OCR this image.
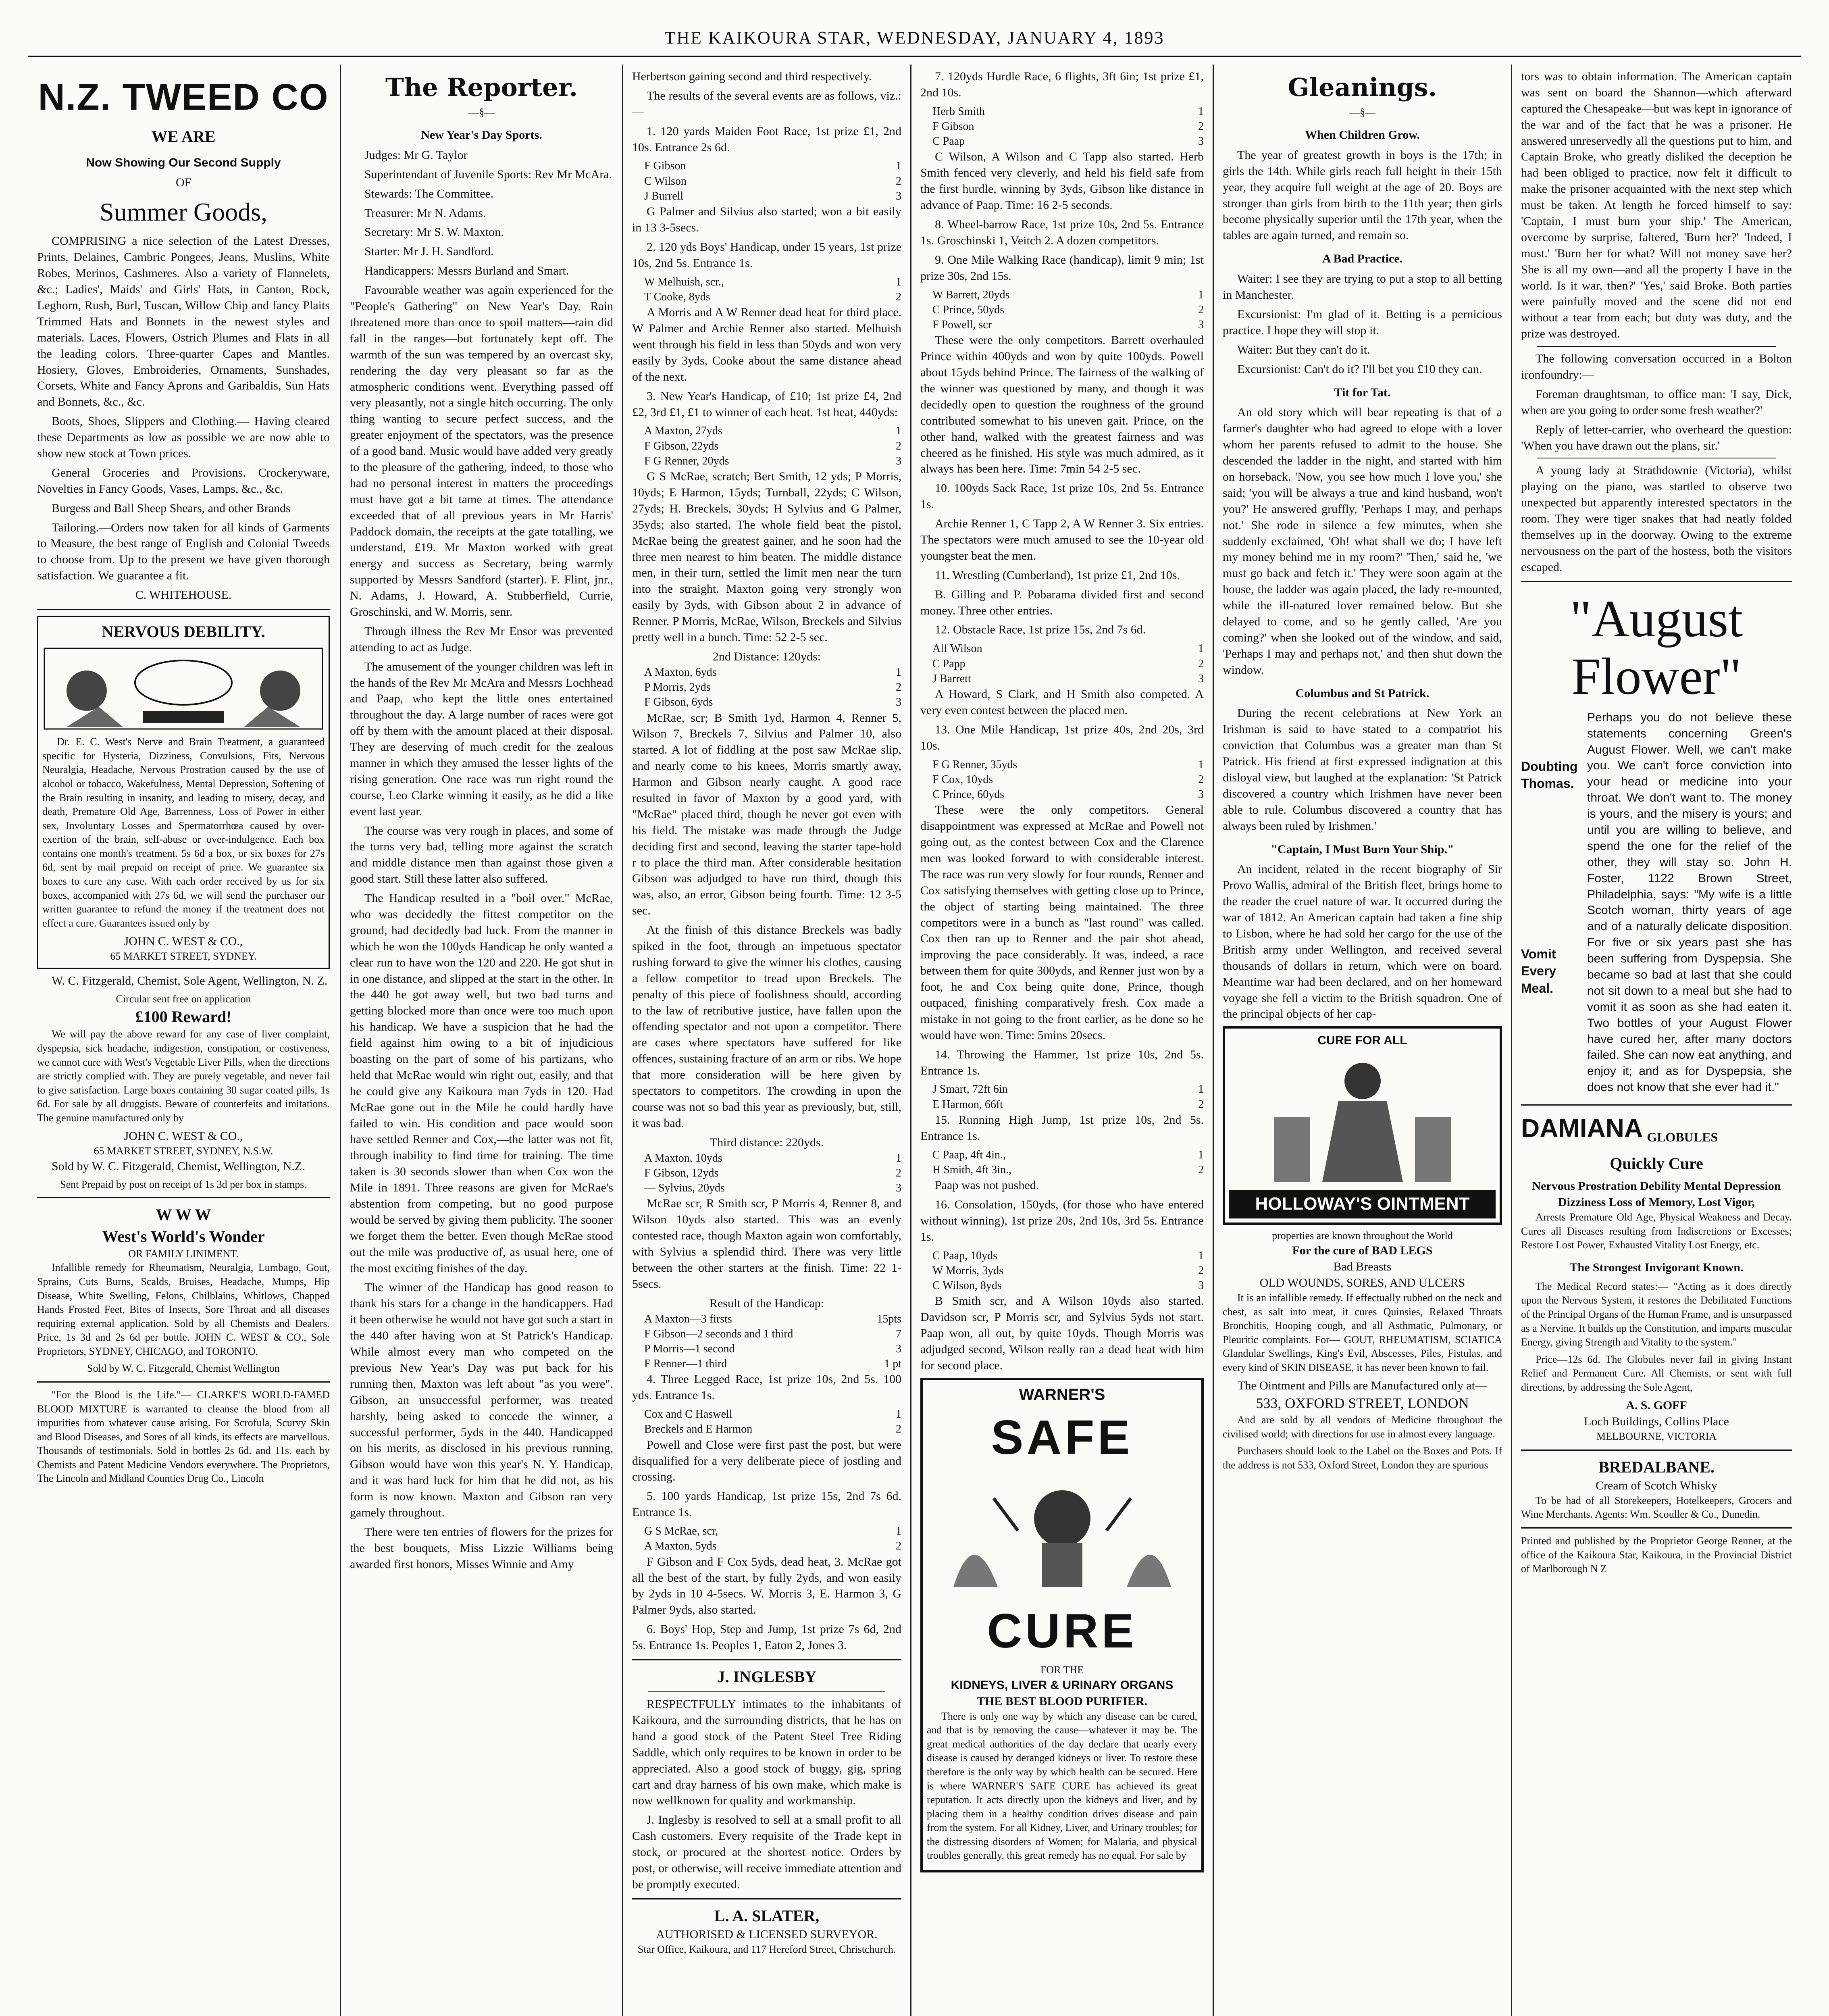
THE KAIKOURA STAR, WEDNESDAY, JANUARY 4, 1893
N.Z. TWEED CO
WE ARE
Now Showing Our Second Supply
OF
Summer Goods,

COMPRISING a nice selection of the Latest Dresses, Prints, Delaines, Cambric Pongees, Jeans, Muslins, White Robes, Merinos, Cashmeres. Also a variety of Flannelets, &c.; Ladies', Maids' and Girls' Hats, in Canton, Rock, Leghorn, Rush, Burl, Tuscan, Willow Chip and fancy Plaits Trimmed Hats and Bonnets in the newest styles and materials. Laces, Flowers, Ostrich Plumes and Flats in all the leading colors. Three-quarter Capes and Mantles. Hosiery, Gloves, Embroideries, Ornaments, Sunshades, Corsets, White and Fancy Aprons and Garibaldis, Sun Hats and Bonnets, &c., &c.

Boots, Shoes, Slippers and Clothing.— Having cleared these Departments as low as possible we are now able to show new stock at Town prices.

General Groceries and Provisions. Crockeryware, Novelties in Fancy Goods, Vases, Lamps, &c., &c.

Burgess and Ball Sheep Shears, and other Brands

Tailoring.—Orders now taken for all kinds of Garments to Measure, the best range of English and Colonial Tweeds to choose from. Up to the present we have given thorough satisfaction. We guarantee a fit.

C. WHITEHOUSE.
NERVOUS DEBILITY.

Dr. E. C. West's Nerve and Brain Treatment, a guaranteed specific for Hysteria, Dizziness, Convulsions, Fits, Nervous Neuralgia, Headache, Nervous Prostration caused by the use of alcohol or tobacco, Wakefulness, Mental Depression, Softening of the Brain resulting in insanity, and leading to misery, decay, and death, Premature Old Age, Barrenness, Loss of Power in either sex, Involuntary Losses and Spermatorrhœa caused by over-exertion of the brain, self-abuse or over-indulgence. Each box contains one month's treatment. 5s 6d a box, or six boxes for 27s 6d, sent by mail prepaid on receipt of price. We guarantee six boxes to cure any case. With each order received by us for six boxes, accompanied with 27s 6d, we will send the purchaser our written guarantee to refund the money if the treatment does not effect a cure. Guarantees issued only by

JOHN C. WEST & CO.,
65 MARKET STREET, SYDNEY.

W. C. Fitzgerald, Chemist, Sole Agent, Wellington, N. Z.

Circular sent free on application
£100 Reward!

We will pay the above reward for any case of liver complaint, dyspepsia, sick headache, indigestion, constipation, or costiveness, we cannot cure with West's Vegetable Liver Pills, when the directions are strictly complied with. They are purely vegetable, and never fail to give satisfaction. Large boxes containing 30 sugar coated pills, 1s 6d. For sale by all druggists. Beware of counterfeits and imitations. The genuine manufactured only by

JOHN C. WEST & CO.,
65 MARKET STREET, SYDNEY, N.S.W.

Sold by W. C. Fitzgerald, Chemist, Wellington, N.Z.

Sent Prepaid by post on receipt of 1s 3d per box in stamps.
W W W
West's World's Wonder
OR FAMILY LINIMENT.

Infallible remedy for Rheumatism, Neuralgia, Lumbago, Gout, Sprains, Cuts Burns, Scalds, Bruises, Headache, Mumps, Hip Disease, White Swelling, Felons, Chilblains, Whitlows, Chapped Hands Frosted Feet, Bites of Insects, Sore Throat and all diseases requiring external application. Sold by all Chemists and Dealers. Price, 1s 3d and 2s 6d per bottle. JOHN C. WEST & CO., Sole Proprietors, SYDNEY, CHICAGO, and TORONTO.

Sold by W. C. Fitzgerald, Chemist Wellington

"For the Blood is the Life."— CLARKE'S WORLD-FAMED BLOOD MIXTURE is warranted to cleanse the blood from all impurities from whatever cause arising. For Scrofula, Scurvy Skin and Blood Diseases, and Sores of all kinds, its effects are marvellous. Thousands of testimonials. Sold in bottles 2s 6d. and 11s. each by Chemists and Patent Medicine Vendors everywhere. The Proprietors, The Lincoln and Midland Counties Drug Co., Lincoln

The Reporter.
—§—
New Year's Day Sports.

Judges: Mr G. Taylor

Superintendant of Juvenile Sports: Rev Mr McAra.

Stewards: The Committee.

Treasurer: Mr N. Adams.

Secretary: Mr S. W. Maxton.

Starter: Mr J. H. Sandford.

Handicappers: Messrs Burland and Smart.

Favourable weather was again experienced for the "People's Gathering" on New Year's Day. Rain threatened more than once to spoil matters—rain did fall in the ranges—but fortunately kept off. The warmth of the sun was tempered by an overcast sky, rendering the day very pleasant so far as the atmospheric conditions went. Everything passed off very pleasantly, not a single hitch occurring. The only thing wanting to secure perfect success, and the greater enjoyment of the spectators, was the presence of a good band. Music would have added very greatly to the pleasure of the gathering, indeed, to those who had no personal interest in matters the proceedings must have got a bit tame at times. The attendance exceeded that of all previous years in Mr Harris' Paddock domain, the receipts at the gate totalling, we understand, £19. Mr Maxton worked with great energy and success as Secretary, being warmly supported by Messrs Sandford (starter). F. Flint, jnr., N. Adams, J. Howard, A. Stubberfield, Currie, Groschinski, and W. Morris, senr.

Through illness the Rev Mr Ensor was prevented attending to act as Judge.

The amusement of the younger children was left in the hands of the Rev Mr McAra and Messrs Lochhead and Paap, who kept the little ones entertained throughout the day. A large number of races were got off by them with the amount placed at their disposal. They are deserving of much credit for the zealous manner in which they amused the lesser lights of the rising generation. One race was run right round the course, Leo Clarke winning it easily, as he did a like event last year.

The course was very rough in places, and some of the turns very bad, telling more against the scratch and middle distance men than against those given a good start. Still these latter also suffered.

The Handicap resulted in a "boil over." McRae, who was decidedly the fittest competitor on the ground, had decidedly bad luck. From the manner in which he won the 100yds Handicap he only wanted a clear run to have won the 120 and 220. He got shut in in one distance, and slipped at the start in the other. In the 440 he got away well, but two bad turns and getting blocked more than once were too much upon his handicap. We have a suspicion that he had the field against him owing to a bit of injudicious boasting on the part of some of his partizans, who held that McRae would win right out, easily, and that he could give any Kaikoura man 7yds in 120. Had McRae gone out in the Mile he could hardly have failed to win. His condition and pace would soon have settled Renner and Cox,—the latter was not fit, through inability to find time for training. The time taken is 30 seconds slower than when Cox won the Mile in 1891. Three reasons are given for McRae's abstention from competing, but no good purpose would be served by giving them publicity. The sooner we forget them the better. Even though McRae stood out the mile was productive of, as usual here, one of the most exciting finishes of the day.

The winner of the Handicap has good reason to thank his stars for a change in the handicappers. Had it been otherwise he would not have got such a start in the 440 after having won at St Patrick's Handicap. While almost every man who competed on the previous New Year's Day was put back for his running then, Maxton was left about "as you were". Gibson, an unsuccessful performer, was treated harshly, being asked to concede the winner, a successful performer, 5yds in the 440. Handicapped on his merits, as disclosed in his previous running, Gibson would have won this year's N. Y. Handicap, and it was hard luck for him that he did not, as his form is now known. Maxton and Gibson ran very gamely throughout.

There were ten entries of flowers for the prizes for the best bouquets, Miss Lizzie Williams being awarded first honors, Misses Winnie and Amy

Herbertson gaining second and third respectively.

The results of the several events are as follows, viz.:—

1. 120 yards Maiden Foot Race, 1st prize £1, 2nd 10s. Entrance 2s 6d.

F Gibson	1
C Wilson	2
J Burrell	3

G Palmer and Silvius also started; won a bit easily in 13 3-5secs.

2. 120 yds Boys' Handicap, under 15 years, 1st prize 10s, 2nd 5s. Entrance 1s.

W Melhuish, scr.,	1
T Cooke, 8yds	2

A Morris and A W Renner dead heat for third place. W Palmer and Archie Renner also started. Melhuish went through his field in less than 50yds and won very easily by 3yds, Cooke about the same distance ahead of the next.

3. New Year's Handicap, of £10; 1st prize £4, 2nd £2, 3rd £1, £1 to winner of each heat. 1st heat, 440yds:

A Maxton, 27yds	1
F Gibson, 22yds	2
F G Renner, 20yds	3

G S McRae, scratch; Bert Smith, 12 yds; P Morris, 10yds; E Harmon, 15yds; Turnball, 22yds; C Wilson, 27yds; H. Breckels, 30yds; H Sylvius and G Palmer, 35yds; also started. The whole field beat the pistol, McRae being the greatest gainer, and he soon had the three men nearest to him beaten. The middle distance men, in their turn, settled the limit men near the turn into the straight. Maxton going very strongly won easily by 3yds, with Gibson about 2 in advance of Renner. P Morris, McRae, Wilson, Breckels and Silvius pretty well in a bunch. Time: 52 2-5 sec.

2nd Distance: 120yds:
A Maxton, 6yds	1
P Morris, 2yds	2
F Gibson, 6yds	3

McRae, scr; B Smith 1yd, Harmon 4, Renner 5, Wilson 7, Breckels 7, Silvius and Palmer 10, also started. A lot of fiddling at the post saw McRae slip, and nearly come to his knees, Morris smartly away, Harmon and Gibson nearly caught. A good race resulted in favor of Maxton by a good yard, with "McRae" placed third, though he never got even with his field. The mistake was made through the Judge deciding first and second, leaving the starter tape-hold r to place the third man. After considerable hesitation Gibson was adjudged to have run third, though this was, also, an error, Gibson being fourth. Time: 12 3-5 sec.

At the finish of this distance Breckels was badly spiked in the foot, through an impetuous spectator rushing forward to give the winner his clothes, causing a fellow competitor to tread upon Breckels. The penalty of this piece of foolishness should, according to the law of retributive justice, have fallen upon the offending spectator and not upon a competitor. There are cases where spectators have suffered for like offences, sustaining fracture of an arm or ribs. We hope that more consideration will be here given by spectators to competitors. The crowding in upon the course was not so bad this year as previously, but, still, it was bad.

Third distance: 220yds.
A Maxton, 10yds	1
F Gibson, 12yds	2
— Sylvius, 20yds	3

McRae scr, R Smith scr, P Morris 4, Renner 8, and Wilson 10yds also started. This was an evenly contested race, though Maxton again won comfortably, with Sylvius a splendid third. There was very little between the other starters at the finish. Time: 22 1-5secs.

Result of the Handicap:
A Maxton—3 firsts	15pts
F Gibson—2 seconds and 1 third	7
P Morris—1 second	3
F Renner—1 third	1 pt

4. Three Legged Race, 1st prize 10s, 2nd 5s. 100 yds. Entrance 1s.

Cox and C Haswell	1
Breckels and E Harmon	2

Powell and Close were first past the post, but were disqualified for a very deliberate piece of jostling and crossing.

5. 100 yards Handicap, 1st prize 15s, 2nd 7s 6d. Entrance 1s.

G S McRae, scr,	1
A Maxton, 5yds	2

F Gibson and F Cox 5yds, dead heat, 3. McRae got all the best of the start, by fully 2yds, and won easily by 2yds in 10 4-5secs. W. Morris 3, E. Harmon 3, G Palmer 9yds, also started.

6. Boys' Hop, Step and Jump, 1st prize 7s 6d, 2nd 5s. Entrance 1s. Peoples 1, Eaton 2, Jones 3.

J. INGLESBY

RESPECTFULLY intimates to the inhabitants of Kaikoura, and the surrounding districts, that he has on hand a good stock of the Patent Steel Tree Riding Saddle, which only requires to be known in order to be appreciated. Also a good stock of buggy, gig, spring cart and dray harness of his own make, which make is now wellknown for quality and workmanship.

J. Inglesby is resolved to sell at a small profit to all Cash customers. Every requisite of the Trade kept in stock, or procured at the shortest notice. Orders by post, or otherwise, will receive immediate attention and be promptly executed.

L. A. SLATER,
AUTHORISED & LICENSED SURVEYOR.
Star Office, Kaikoura, and 117 Hereford Street, Christchurch.

7. 120yds Hurdle Race, 6 flights, 3ft 6in; 1st prize £1, 2nd 10s.

Herb Smith	1
F Gibson	2
C Paap	3

C Wilson, A Wilson and C Tapp also started. Herb Smith fenced very cleverly, and held his field safe from the first hurdle, winning by 3yds, Gibson like distance in advance of Paap. Time: 16 2-5 seconds.

8. Wheel-barrow Race, 1st prize 10s, 2nd 5s. Entrance 1s. Groschinski 1, Veitch 2. A dozen competitors.

9. One Mile Walking Race (handicap), limit 9 min; 1st prize 30s, 2nd 15s.

W Barrett, 20yds	1
C Prince, 50yds	2
F Powell, scr	3

These were the only competitors. Barrett overhauled Prince within 400yds and won by quite 100yds. Powell about 15yds behind Prince. The fairness of the walking of the winner was questioned by many, and though it was decidedly open to question the roughness of the ground contributed somewhat to his uneven gait. Prince, on the other hand, walked with the greatest fairness and was cheered as he finished. His style was much admired, as it always has been here. Time: 7min 54 2-5 sec.

10. 100yds Sack Race, 1st prize 10s, 2nd 5s. Entrance 1s.

Archie Renner 1, C Tapp 2, A W Renner 3. Six entries. The spectators were much amused to see the 10-year old youngster beat the men.

11. Wrestling (Cumberland), 1st prize £1, 2nd 10s.

B. Gilling and P. Pobarama divided first and second money. Three other entries.

12. Obstacle Race, 1st prize 15s, 2nd 7s 6d.

Alf Wilson	1
C Papp	2
J Barrett	3

A Howard, S Clark, and H Smith also competed. A very even contest between the placed men.

13. One Mile Handicap, 1st prize 40s, 2nd 20s, 3rd 10s.

F G Renner, 35yds	1
F Cox, 10yds	2
C Prince, 60yds	3

These were the only competitors. General disappointment was expressed at McRae and Powell not going out, as the contest between Cox and the Clarence men was looked forward to with considerable interest. The race was run very slowly for four rounds, Renner and Cox satisfying themselves with getting close up to Prince, the object of starting being maintained. The three competitors were in a bunch as "last round" was called. Cox then ran up to Renner and the pair shot ahead, improving the pace considerably. It was, indeed, a race between them for quite 300yds, and Renner just won by a foot, he and Cox being quite done, Prince, though outpaced, finishing comparatively fresh. Cox made a mistake in not going to the front earlier, as he done so he would have won. Time: 5mins 20secs.

14. Throwing the Hammer, 1st prize 10s, 2nd 5s. Entrance 1s.

J Smart, 72ft 6in	1
E Harmon, 66ft	2

15. Running High Jump, 1st prize 10s, 2nd 5s. Entrance 1s.

C Paap, 4ft 4in.,	1
H Smith, 4ft 3in.,	2

Paap was not pushed.

16. Consolation, 150yds, (for those who have entered without winning), 1st prize 20s, 2nd 10s, 3rd 5s. Entrance 1s.

C Paap, 10yds	1
W Morris, 3yds	2
C Wilson, 8yds	3

B Smith scr, and A Wilson 10yds also started. Davidson scr, P Morris scr, and Sylvius 5yds not start. Paap won, all out, by quite 10yds. Though Morris was adjudged second, Wilson really ran a dead heat with him for second place.

WARNER'S
SAFE
CURE
FOR THE
KIDNEYS, LIVER & URINARY ORGANS
THE BEST BLOOD PURIFIER.

There is only one way by which any disease can be cured, and that is by removing the cause—whatever it may be. The great medical authorities of the day declare that nearly every disease is caused by deranged kidneys or liver. To restore these therefore is the only way by which health can be secured. Here is where WARNER'S SAFE CURE has achieved its great reputation. It acts directly upon the kidneys and liver, and by placing them in a healthy condition drives disease and pain from the system. For all Kidney, Liver, and Urinary troubles; for the distressing disorders of Women; for Malaria, and physical troubles generally, this great remedy has no equal. For sale by

Gleanings.
—§—
When Children Grow.

The year of greatest growth in boys is the 17th; in girls the 14th. While girls reach full height in their 15th year, they acquire full weight at the age of 20. Boys are stronger than girls from birth to the 11th year; then girls become physically superior until the 17th year, when the tables are again turned, and remain so.

A Bad Practice.

Waiter: I see they are trying to put a stop to all betting in Manchester.

Excursionist: I'm glad of it. Betting is a pernicious practice. I hope they will stop it.

Waiter: But they can't do it.

Excursionist: Can't do it? I'll bet you £10 they can.

Tit for Tat.

An old story which will bear repeating is that of a farmer's daughter who had agreed to elope with a lover whom her parents refused to admit to the house. She descended the ladder in the night, and started with him on horseback. 'Now, you see how much I love you,' she said; 'you will be always a true and kind husband, won't you?' He answered gruffly, 'Perhaps I may, and perhaps not.' She rode in silence a few minutes, when she suddenly exclaimed, 'Oh! what shall we do; I have left my money behind me in my room?' 'Then,' said he, 'we must go back and fetch it.' They were soon again at the house, the ladder was again placed, the lady re-mounted, while the ill-natured lover remained below. But she delayed to come, and so he gently called, 'Are you coming?' when she looked out of the window, and said, 'Perhaps I may and perhaps not,' and then shut down the window.

Columbus and St Patrick.

During the recent celebrations at New York an Irishman is said to have stated to a compatriot his conviction that Columbus was a greater man than St Patrick. His friend at first expressed indignation at this disloyal view, but laughed at the explanation: 'St Patrick discovered a country which Irishmen have never been able to rule. Columbus discovered a country that has always been ruled by Irishmen.'

"Captain, I Must Burn Your Ship."

An incident, related in the recent biography of Sir Provo Wallis, admiral of the British fleet, brings home to the reader the cruel nature of war. It occurred during the war of 1812. An American captain had taken a fine ship to Lisbon, where he had sold her cargo for the use of the British army under Wellington, and received several thousands of dollars in return, which were on board. Meantime war had been declared, and on her homeward voyage she fell a victim to the British squadron. One of the principal objects of her cap-

CURE FOR ALL
HOLLOWAY'S OINTMENT
properties are known throughout the World
For the cure of BAD LEGS
Bad Breasts
OLD WOUNDS, SORES, AND ULCERS

It is an infallible remedy. If effectually rubbed on the neck and chest, as salt into meat, it cures Quinsies, Relaxed Throats Bronchitis, Hooping cough, and all Asthmatic, Pulmonary, or Pleuritic complaints. For— GOUT, RHEUMATISM, SCIATICA Glandular Swellings, King's Evil, Abscesses, Piles, Fistulas, and every kind of SKIN DISEASE, it has never been known to fail.

The Ointment and Pills are Manufactured only at—
533, OXFORD STREET, LONDON

And are sold by all vendors of Medicine throughout the civilised world; with directions for use in almost every language.

Purchasers should look to the Label on the Boxes and Pots. If the address is not 533, Oxford Street, London they are spurious

tors was to obtain information. The American captain was sent on board the Shannon—which afterward captured the Chesapeake—but was kept in ignorance of the war and of the fact that he was a prisoner. He answered unreservedly all the questions put to him, and Captain Broke, who greatly disliked the deception he had been obliged to practice, now felt it difficult to make the prisoner acquainted with the next step which must be taken. At length he forced himself to say: 'Captain, I must burn your ship.' The American, overcome by surprise, faltered, 'Burn her?' 'Indeed, I must.' 'Burn her for what? Will not money save her? She is all my own—and all the property I have in the world. Is it war, then?' 'Yes,' said Broke. Both parties were painfully moved and the scene did not end without a tear from each; but duty was duty, and the prize was destroyed.

The following conversation occurred in a Bolton ironfoundry:—

Foreman draughtsman, to office man: 'I say, Dick, when are you going to order some fresh weather?'

Reply of letter-carrier, who overheard the question: 'When you have drawn out the plans, sir.'

A young lady at Strathdownie (Victoria), whilst playing on the piano, was startled to observe two unexpected but apparently interested spectators in the room. They were tiger snakes that had neatly folded themselves up in the doorway. Owing to the extreme nervousness on the part of the hostess, both the visitors escaped.

"August Flower"
Doubting
Thomas.
Vomit
Every Meal.

Perhaps you do not believe these statements concerning Green's August Flower. Well, we can't make you. We can't force conviction into your head or medicine into your throat. We don't want to. The money is yours, and the misery is yours; and until you are willing to believe, and spend the one for the relief of the other, they will stay so. John H. Foster, 1122 Brown Street, Philadelphia, says: "My wife is a little Scotch woman, thirty years of age and of a naturally delicate disposition. For five or six years past she has been suffering from Dyspepsia. She became so bad at last that she could not sit down to a meal but she had to vomit it as soon as she had eaten it. Two bottles of your August Flower have cured her, after many doctors failed. She can now eat anything, and enjoy it; and as for Dyspepsia, she does not know that she ever had it."

DAMIANA GLOBULES
Quickly Cure
Nervous Prostration Debility Mental Depression Dizziness Loss of Memory, Lost Vigor,

Arrests Premature Old Age, Physical Weakness and Decay. Cures all Diseases resulting from Indiscretions or Excesses; Restore Lost Power, Exhausted Vitality Lost Energy, etc.

The Strongest Invigorant Known.

The Medical Record states:— "Acting as it does directly upon the Nervous System, it restores the Debilitated Functions of the Principal Organs of the Human Frame, and is unsurpassed as a Nervine. It builds up the Constitution, and imparts muscular Energy, giving Strength and Vitality to the system."

Price—12s 6d. The Globules never fail in giving Instant Relief and Permanent Cure. All Chemists, or sent with full directions, by addressing the Sole Agent,

A. S. GOFF
Loch Buildings, Collins Place
MELBOURNE, VICTORIA
BREDALBANE.
Cream of Scotch Whisky

To be had of all Storekeepers, Hotelkeepers, Grocers and Wine Merchants. Agents: Wm. Scouller & Co., Dunedin.

Printed and published by the Proprietor George Renner, at the office of the Kaikoura Star, Kaikoura, in the Provincial District of Marlborough N Z
